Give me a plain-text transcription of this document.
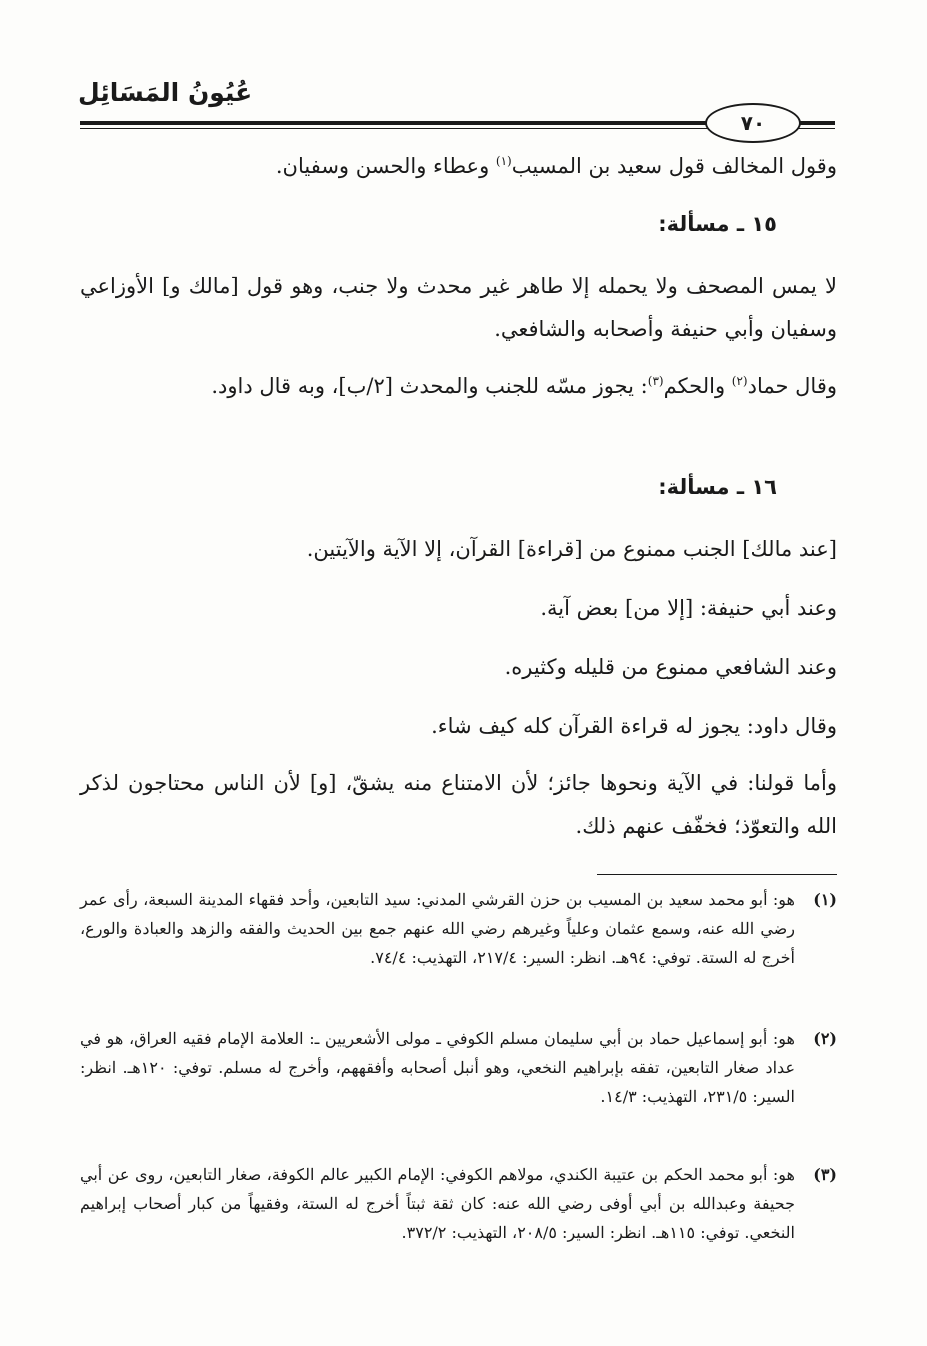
عُيُونُ المَسَائِل
٧٠
وقول المخالف قول سعيد بن المسيب$^{(١)}$ وعطاء والحسن وسفيان.
١٥ ـ مسألة:
لا يمس المصحف ولا يحمله إلا طاهر غير محدث ولا جنب، وهو قول [مالك و] الأوزاعي وسفيان وأبي حنيفة وأصحابه والشافعي.
وقال حماد$^{(٢)}$ والحكم$^{(٣)}$: يجوز مسّه للجنب والمحدث [٢/ب]، وبه قال داود.
١٦ ـ مسألة:
[عند مالك] الجنب ممنوع من [قراءة] القرآن، إلا الآية والآيتين.
وعند أبي حنيفة: [إلا من] بعض آية.
وعند الشافعي ممنوع من قليله وكثيره.
وقال داود: يجوز له قراءة القرآن كله كيف شاء.
وأما قولنا: في الآية ونحوها جائز؛ لأن الامتناع منه يشقّ، [و] لأن الناس محتاجون لذكر الله والتعوّذ؛ فخفّف عنهم ذلك.
(١)
هو: أبو محمد سعيد بن المسيب بن حزن القرشي المدني: سيد التابعين، وأحد فقهاء المدينة السبعة، رأى عمر رضي الله عنه، وسمع عثمان وعلياً وغيرهم رضي الله عنهم جمع بين الحديث والفقه والزهد والعبادة والورع، أخرج له الستة. توفي: ٩٤هـ. انظر: السير: ٢١٧/٤، التهذيب: ٧٤/٤.
(٢)
هو: أبو إسماعيل حماد بن أبي سليمان مسلم الكوفي ـ مولى الأشعريين ـ: العلامة الإمام فقيه العراق، هو في عداد صغار التابعين، تفقه بإبراهيم النخعي، وهو أنبل أصحابه وأفقههم، وأخرج له مسلم. توفي: ١٢٠هـ. انظر: السير: ٢٣١/٥، التهذيب: ١٤/٣.
(٣)
هو: أبو محمد الحكم بن عتيبة الكندي، مولاهم الكوفي: الإمام الكبير عالم الكوفة، صغار التابعين، روى عن أبي جحيفة وعبدالله بن أبي أوفى رضي الله عنه: كان ثقة ثبتاً أخرج له الستة، وفقيهاً من كبار أصحاب إبراهيم النخعي. توفي: ١١٥هـ. انظر: السير: ٢٠٨/٥، التهذيب: ٣٧٢/٢.
